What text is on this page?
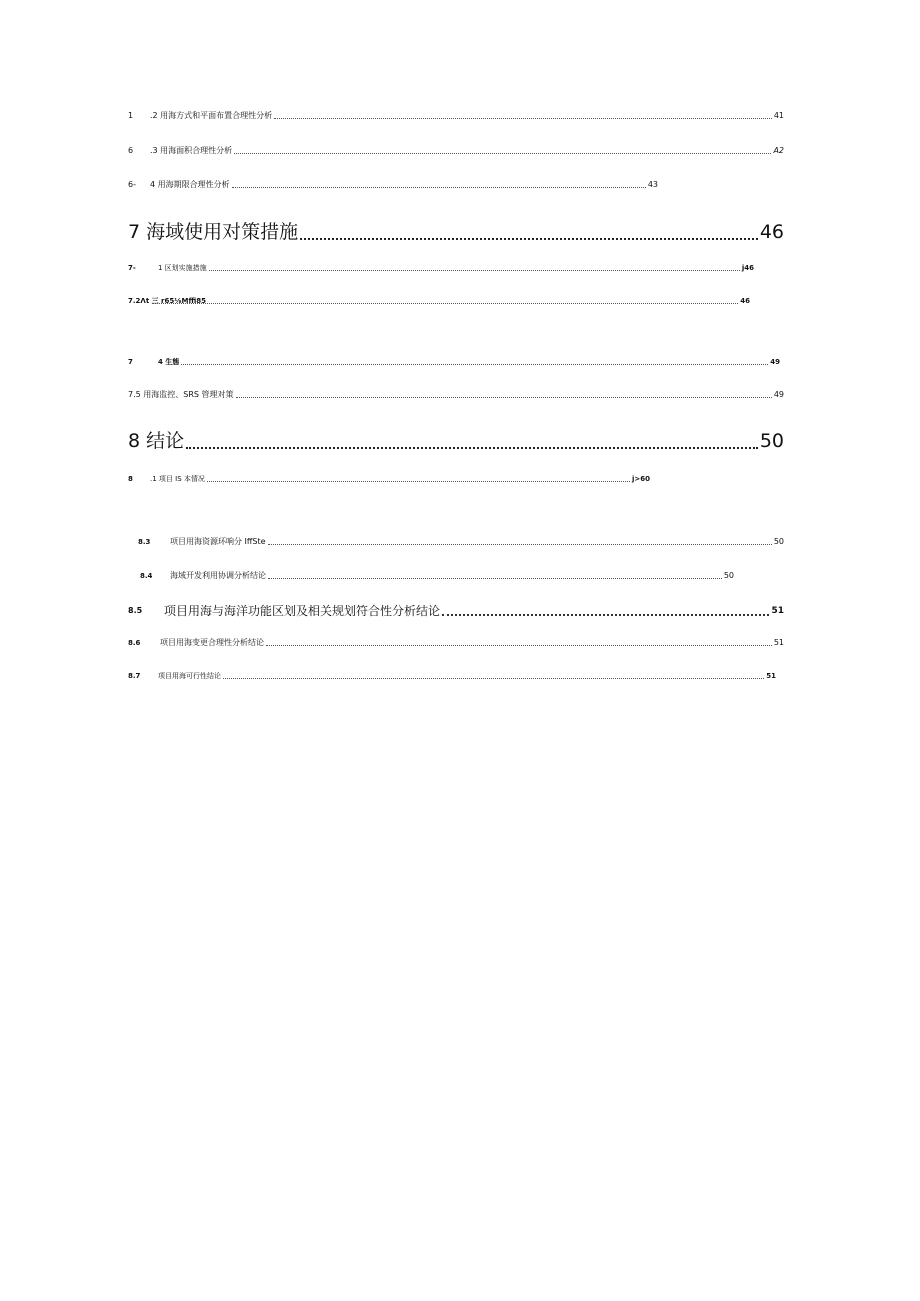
1	.2 用海方式和平面布置合理性分析	41
6	.3 用海面积合理性分析	A2
6-	4 用海期限合理性分析	43
7 海域使用对策措施	46
7-	1 区划实施措施	j46
7.2Λt 三 r65⅛Mffi85	46
7	4 生態	49
7.5 用海监控、SRS 管理对策	49
8 结论	50
8	.1 项目 IS 本情况	j>60
8.3	项目用海资源环响分 IffSte	50
8.4	海域开发利用协调分析结论	50
8.5	项目用海与海洋功能区划及相关规划符合性分析结论	51
8.6	项目用海变更合理性分析结论	51
8.7	项目用海可行性结论	51
